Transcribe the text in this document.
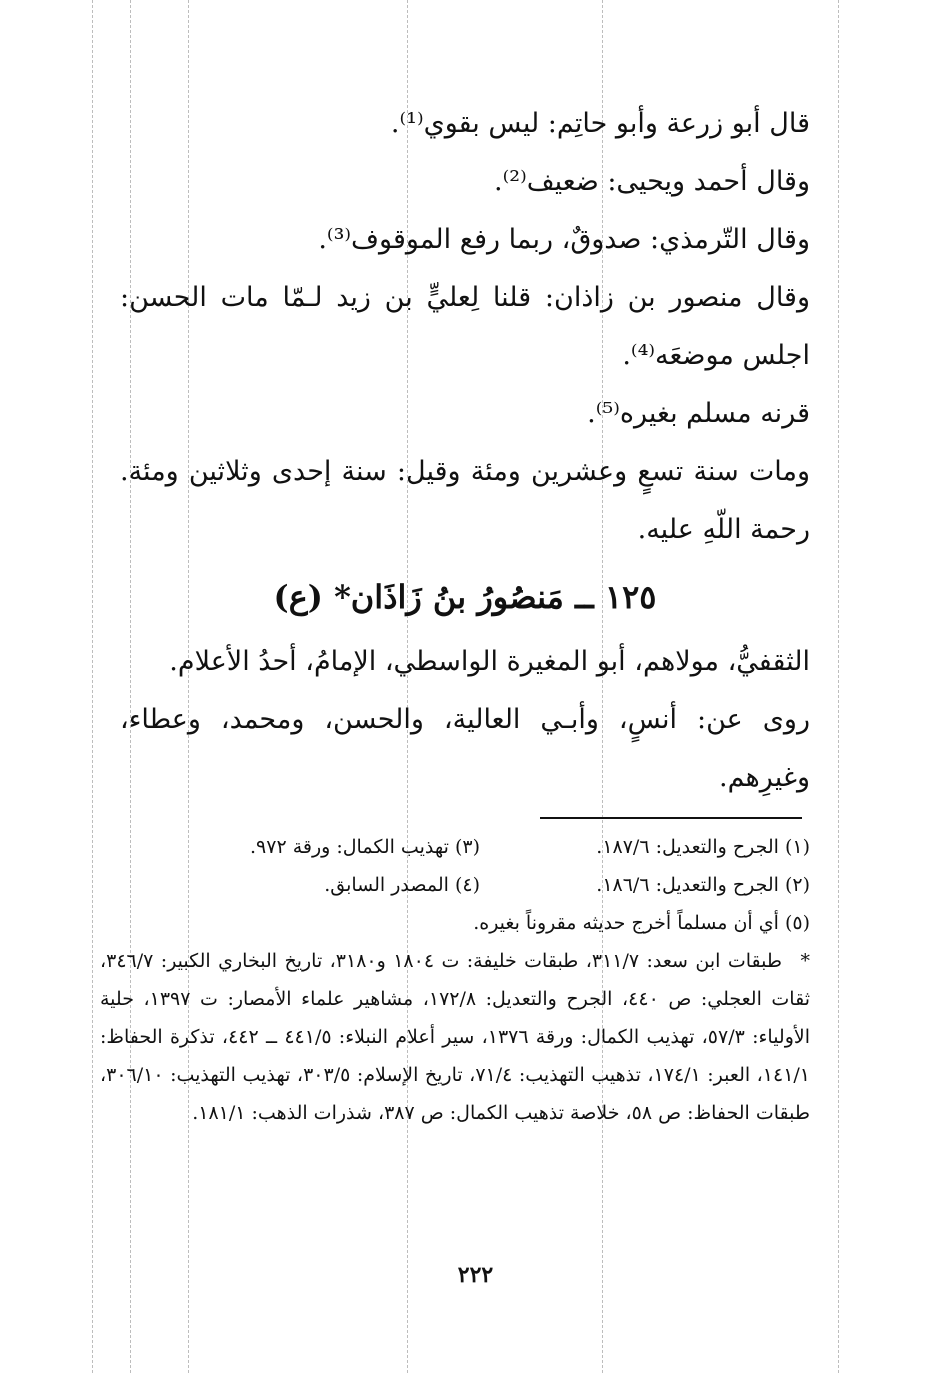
قال أبو زرعة وأبو حاتِم: ليس بقوي⁽¹⁾.

وقال أحمد ويحيى: ضعيف⁽²⁾.

وقال التّرمذي: صدوقٌ، ربما رفع الموقوف⁽³⁾.

وقال منصور بن زاذان: قلنا لِعليٍّ بن زيد لـمّا مات الحسن: اجلس موضعَه⁽⁴⁾.

قرنه مسلم بغيره⁽⁵⁾.

ومات سنة تسعٍ وعشرين ومئة وقيل: سنة إحدى وثلاثين ومئة. رحمة اللّهِ عليه.

١٢٥ ــ مَنصُورُ بنُ زَاذَان* (ع)

الثقفيُّ، مولاهم، أبو المغيرة الواسطي، الإمامُ، أحدُ الأعلام.

روى عن: أنسٍ، وأبـي العالية، والحسن، ومحمد، وعطاء، وغيرِهم.

(١) الجرح والتعديل: ١٨٧/٦.
(٣) تهذيب الكمال: ورقة ٩٧٢.
(٢) الجرح والتعديل: ١٨٦/٦.
(٤) المصدر السابق.
(٥) أي أن مسلماً أخرج حديثه مقروناً بغيره.
*طبقات ابن سعد: ٣١١/٧، طبقات خليفة: ت ١٨٠٤ و٣١٨٠، تاريخ البخاري الكبير: ٣٤٦/٧، ثقات العجلي: ص ٤٤٠، الجرح والتعديل: ١٧٢/٨، مشاهير علماء الأمصار: ت ١٣٩٧، حلية الأولياء: ٥٧/٣، تهذيب الكمال: ورقة ١٣٧٦، سير أعلام النبلاء: ٤٤١/٥ ــ ٤٤٢، تذكرة الحفاظ: ١٤١/١، العبر: ١٧٤/١، تذهيب التهذيب: ٧١/٤، تاريخ الإسلام: ٣٠٣/٥، تهذيب التهذيب: ٣٠٦/١٠، طبقات الحفاظ: ص ٥٨، خلاصة تذهيب الكمال: ص ٣٨٧، شذرات الذهب: ١٨١/١.
٢٢٢
